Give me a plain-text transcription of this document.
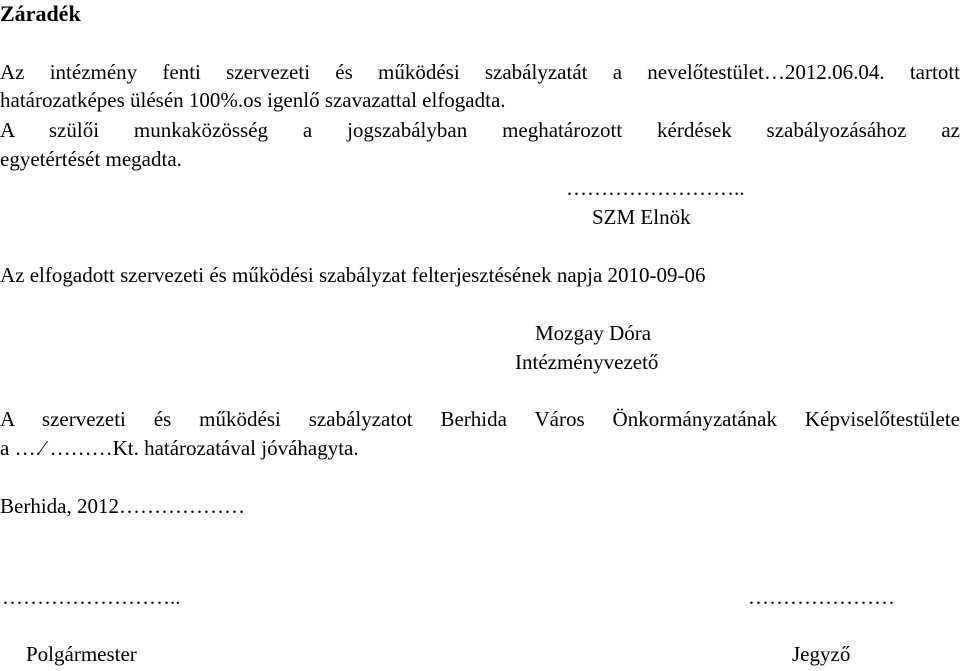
Záradék
Az intézmény fenti szervezeti és működési szabályzatát a nevelőtestület…2012.06.04. tartott
határozatképes ülésén 100%.os igenlő szavazattal elfogadta.
A szülői munkaközösség a jogszabályban meghatározott kérdések szabályozásához az
egyetértését megadta.
……………………..
SZM Elnök
Az elfogadott szervezeti és működési szabályzat felterjesztésének napja 2010-09-06
Mozgay Dóra
Intézményvezető
A szervezeti és működési szabályzatot Berhida Város Önkormányzatának Képviselőtestülete
a ….⁄ ………Kt. határozatával jóváhagyta.
Berhida, 2012………………
……………………..	…………………
Polgármester	Jegyző
